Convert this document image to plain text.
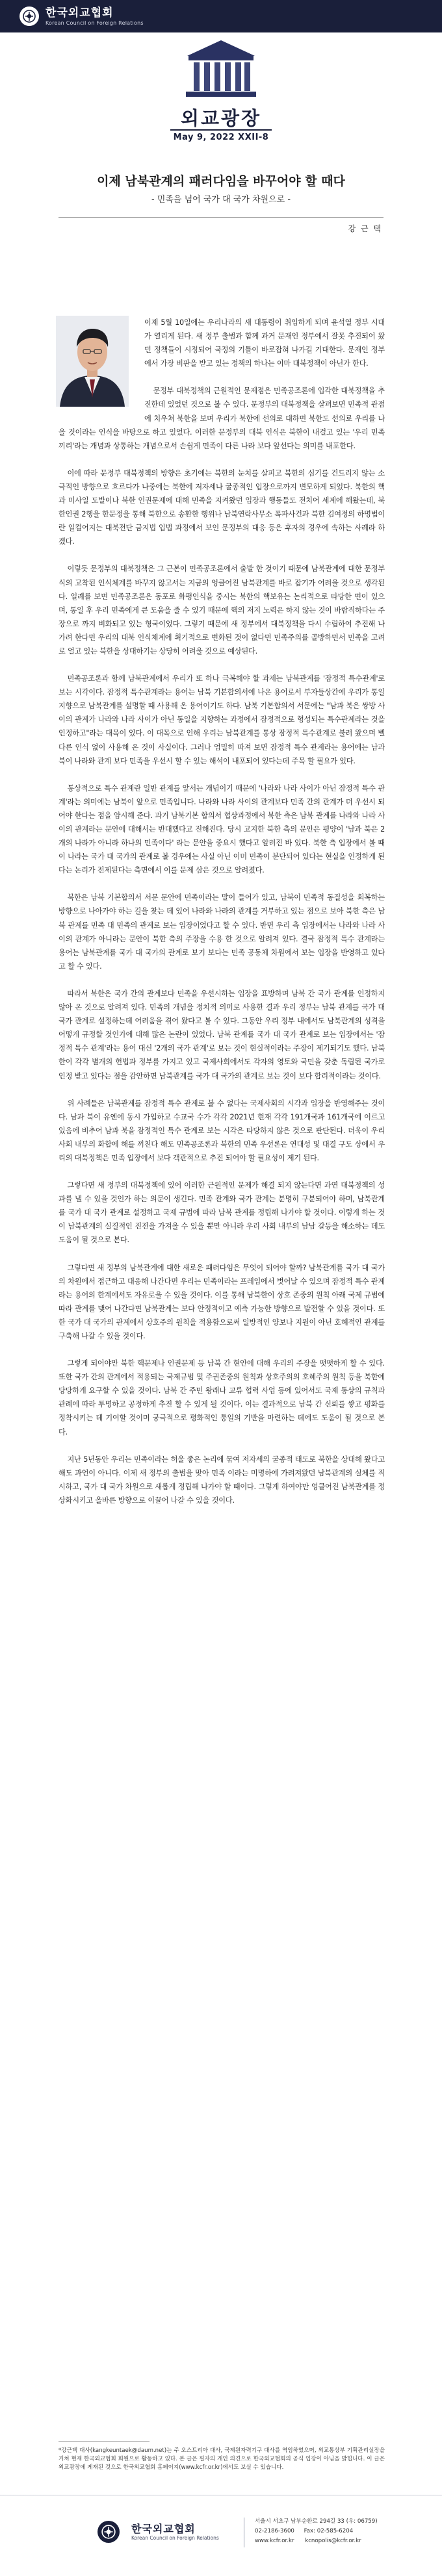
한국외교협회
Korean Council on Foreign Relations
외교광장
May 9, 2022 XXII-8
이제 남북관계의 패러다임을 바꾸어야 할 때다
- 민족을 넘어 국가 대 국가 차원으로 -
강 근 택

이제 5월 10일에는 우리나라의 새 대통령이 취임하게 되며 윤석열 정부 시대가 열리게 된다. 새 정부 출범과 함께 과거 문재인 정부에서 잘못 추진되어 왔던 정책들이 시정되어 국정의 기틀이 바로잡혀 나가길 기대한다. 문재인 정부에서 가장 비판을 받고 있는 정책의 하나는 이마 대북정책이 아닌가 한다.

문정부 대북정책의 근원적인 문제점은 민족공조론에 입각한 대북정책을 추진한데 있었던 것으로 볼 수 있다. 문정부의 대북정책을 살펴보면 민족적 관점에 치우쳐 북한을 보며 우리가 북한에 선의로 대하면 북한도 선의로 우리를 나올 것이라는 인식을 바탕으로 하고 있었다. 이러한 문정부의 대북 인식은 북한이 내걸고 있는 '우리 민족 끼리'라는 개념과 상통하는 개념으로서 손쉽게 민족이 다른 나라 보다 앞선다는 의미를 내포한다.

이에 따라 문정부 대북정책의 방향은 초기에는 북한의 눈치를 살피고 북한의 심기를 건드리지 않는 소극적인 방향으로 흐르다가 나중에는 북한에 저자세나 굴종적인 입장으로까지 변모하게 되었다. 북한의 핵과 미사일 도발이나 북한 인권문제에 대해 민족을 지켜왔던 입장과 행동들도 전치어 세계에 해왔는데, 북한인권 2행을 한문정을 통해 북한으로 송환한 행위나 남북연락사무소 폭파사건과 북한 김여정의 하명법이란 일컬어지는 대북전단 금지법 입법 과정에서 보인 문정부의 대응 등은 후자의 경우에 속하는 사례라 하겠다.

이렇듯 문정부의 대북정책은 그 근본이 민족공조론에서 출발 한 것이기 때문에 남북관계에 대한 문정부식의 고착된 인식체계를 바꾸지 않고서는 지금의 엉클어진 남북관계를 바로 잡기가 어려울 것으로 생각된다. 일례를 보면 민족공조론은 동포로 화평인식을 중시는 북한의 핵보유는 논리적으로 타당한 면이 있으며, 통일 후 우리 민족에게 큰 도움을 줄 수 있기 때문에 핵의 저지 노력은 하지 않는 것이 바람직하다는 주장으로 까지 비화되고 있는 형국이었다. 그렇기 때문에 새 정부에서 대북정책을 다시 수립하여 추진해 나가려 한다면 우리의 대북 인식체계에 획기적으로 변화된 것이 없다면 민족주의를 골방하면서 민족을 고려로 얼고 있는 북한을 상대하기는 상당히 어려울 것으로 예상된다.

민족공조론과 함께 남북관계에서 우리가 또 하나 극복해야 할 과제는 남북관계를 '잠정적 특수관계'로 보는 시각이다. 잠정적 특수관계라는 용어는 남북 기본합의서에 나온 용어로서 부자들상간에 우리가 통일지향으로 남북관계를 설명할 때 사용해 온 용어이기도 하다. 남북 기본합의서 서문에는 "남과 북은 쌍방 사이의 관계가 나라와 나라 사이가 아닌 통일을 지향하는 과정에서 잠정적으로 형성되는 특수관계라는 것을 인정하고"라는 대목이 있다. 이 대목으로 인해 우리는 남북관계를 통상 잠정적 특수관계로 불러 왔으며 벨다른 인식 없이 사용해 온 것이 사실이다. 그러나 엄밀히 따져 보면 잠정적 특수 관계라는 용어에는 남과 북이 나라와 관계 보다 민족을 우선시 할 수 있는 해석이 내포되어 있다는데 주목 할 필요가 있다.

통상적으로 특수 관계란 일반 관계를 앞서는 개념이기 때문에 '나라와 나라 사이가 아닌 잠정적 특수 관계'라는 의미에는 남북이 앞으로 민족입니다. 나라와 나라 사이의 관계보다 민족 간의 관계가 더 우선시 되어야 한다는 점을 암시해 준다. 과거 남북기본 합의서 협상과정에서 북한 측은 남북 관계를 나라와 나라 사이의 관계라는 문안에 대해서는 반대했다고 전해진다. 당시 고지한 북한 측의 문안은 평양이 '남과 북은 2개의 나라가 아니라 하나의 민족이다' 라는 문안을 중요시 했다고 알려진 바 있다. 북한 측 입장에서 볼 때 이 나라는 국가 대 국가의 관계로 볼 경우에는 사실 아닌 이미 민족이 분단되어 있다는 현실을 인정하게 된다는 논리가 전제된다는 측면에서 이를 문제 삼은 것으로 알려졌다.

북한은 남북 기본합의서 서문 문안에 민족이라는 말이 들어가 있고, 남북이 민족적 동질성을 회복하는 방향으로 나아가야 하는 길을 찾는 데 있어 나라와 나라의 관계를 거부하고 있는 점으로 보아 북한 측은 남북 관계를 민족 대 민족의 관계로 보는 입장이었다고 할 수 있다. 반면 우리 측 입장에서는 나라와 나라 사이의 관계가 아니라는 문안이 북한 측의 주장을 수용 한 것으로 알려져 있다. 결국 잠정적 특수 관계라는 용어는 남북관계를 국가 대 국가의 관계로 보기 보다는 민족 공동체 차원에서 보는 입장을 반영하고 있다고 할 수 있다.

따라서 북한은 국가 간의 관계보다 민족을 우선시하는 입장을 표방하며 남북 간 국가 관계를 인정하지 않아 온 것으로 알려져 있다. 민족의 개념을 정치적 의미로 사용한 결과 우리 정부는 남북 관계를 국가 대 국가 관계로 설정하는데 어려움을 겪어 왔다고 볼 수 있다. 그동안 우리 정부 내에서도 남북관계의 성격을 어떻게 규정할 것인가에 대해 많은 논란이 있었다. 남북 관계를 국가 대 국가 관계로 보는 입장에서는 '잠정적 특수 관계'라는 용어 대신 '2개의 국가 관계'로 보는 것이 현실적이라는 주장이 제기되기도 했다. 남북한이 각각 별개의 헌법과 정부를 가지고 있고 국제사회에서도 각자의 영토와 국민을 갖춘 독립된 국가로 인정 받고 있다는 점을 감안하면 남북관계를 국가 대 국가의 관계로 보는 것이 보다 합리적이라는 것이다.

위 사례들은 남북관계를 잠정적 특수 관계로 볼 수 없다는 국제사회의 시각과 입장을 반영해주는 것이다. 남과 북이 유엔에 동시 가입하고 수교국 수가 각각 2021년 현재 각각 191개국과 161개국에 이르고 있음에 비추어 남과 북을 잠정적인 특수 관계로 보는 시각은 타당하지 않은 것으로 판단된다. 더욱이 우리사회 내부의 화합에 해를 끼친다 해도 민족공조론과 북한의 민족 우선론은 연대성 및 대결 구도 상에서 우리의 대북정책은 민족 입장에서 보다 객관적으로 추진 되어야 할 필요성이 제기 된다.

그렇다면 새 정부의 대북정책에 있어 이러한 근원적인 문제가 해결 되지 않는다면 과연 대북정책의 성과를 낼 수 있을 것인가 하는 의문이 생긴다. 민족 관계와 국가 관계는 분명히 구분되어야 하며, 남북관계를 국가 대 국가 관계로 설정하고 국제 규범에 따라 남북 관계를 정립해 나가야 할 것이다. 이렇게 하는 것이 남북관계의 실질적인 진전을 가져올 수 있을 뿐만 아니라 우리 사회 내부의 남남 갈등을 해소하는 데도 도움이 될 것으로 본다.

그렇다면 새 정부의 남북관계에 대한 새로운 패러다임은 무엇이 되어야 할까? 남북관계를 국가 대 국가의 차원에서 접근하고 대응해 나간다면 우리는 민족이라는 프레임에서 벗어날 수 있으며 잠정적 특수 관계라는 용어의 한계에서도 자유로울 수 있을 것이다. 이를 통해 남북한이 상호 존중의 원칙 아래 국제 규범에 따라 관계를 맺어 나간다면 남북관계는 보다 안정적이고 예측 가능한 방향으로 발전할 수 있을 것이다. 또한 국가 대 국가의 관계에서 상호주의 원칙을 적용함으로써 일방적인 양보나 지원이 아닌 호혜적인 관계를 구축해 나갈 수 있을 것이다.

그렇게 되어야만 북한 핵문제나 인권문제 등 남북 간 현안에 대해 우리의 주장을 떳떳하게 할 수 있다. 또한 국가 간의 관계에서 적용되는 국제규범 및 주권존중의 원칙과 상호주의의 호혜주의 원칙 등을 북한에 당당하게 요구할 수 있을 것이다. 남북 간 주민 왕래나 교류 협력 사업 등에 있어서도 국제 통상의 규칙과 관례에 따라 투명하고 공정하게 추진 할 수 있게 될 것이다. 이는 결과적으로 남북 간 신뢰를 쌓고 평화를 정착시키는 데 기여할 것이며 궁극적으로 평화적인 통일의 기반을 마련하는 데에도 도움이 될 것으로 본다.

지난 5년동안 우리는 민족이라는 허울 좋은 논리에 묶여 저자세의 굴종적 태도로 북한을 상대해 왔다고 해도 과언이 아니다. 이제 새 정부의 출범을 맞아 민족 이라는 미명하에 가려져왔던 남북관계의 실체를 직시하고, 국가 대 국가 차원으로 새롭게 정립해 나가야 할 때이다. 그렇게 하여야만 엉클어진 남북관계를 정상화시키고 올바른 방향으로 이끌어 나갈 수 있을 것이다.

*강근택 대사(kangkeuntaek@daum.net)는 주 오스트리아 대사, 국제원자력기구 대사를 역임하였으며, 외교통상부 기획관리실장을 거쳐 현재 한국외교협회 회원으로 활동하고 있다. 본 글은 필자의 개인 의견으로 한국외교협회의 공식 입장이 아님을 밝힙니다. 이 글은 외교광장에 게재된 것으로 한국외교협회 홈페이지(www.kcfr.or.kr)에서도 보실 수 있습니다.
한국외교협회
Korean Council on Foreign Relations
서울시 서초구 남부순환로 294길 33 (우: 06759)
02-2186-3600 Fax: 02-585-6204
www.kcfr.or.kr kcnopolis@kcfr.or.kr
